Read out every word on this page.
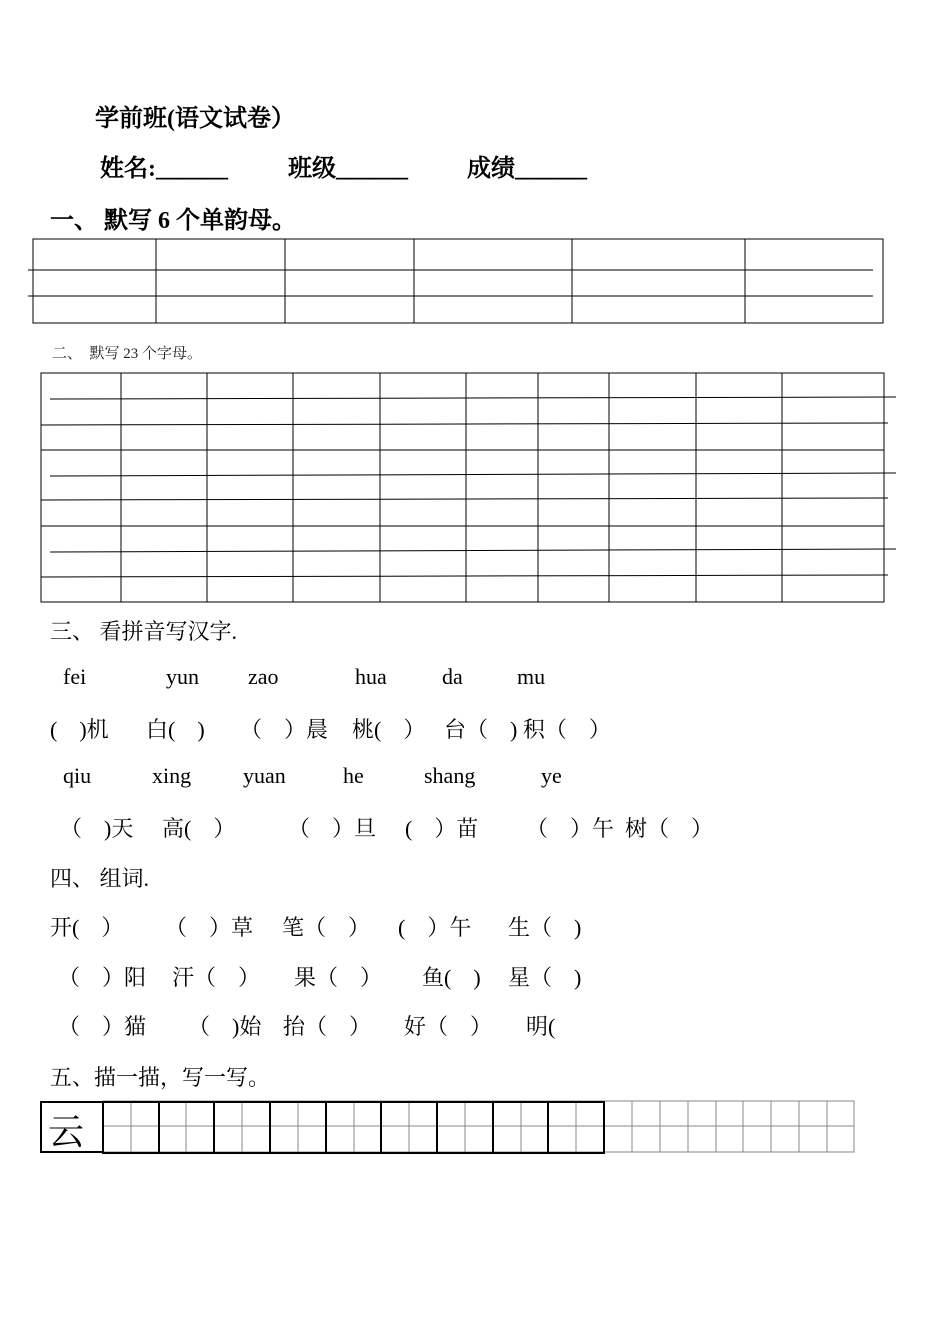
学前班(语文试卷）
姓名:______	班级______ 成绩______
一、 默写 6 个单韵母。
二、  默写 23 个字母。
三、 看拼音写汉字.
fei	yun zao	hua	da mu
(    )机 白(    ) （    ）晨 桃(    ） 台（    ) 积（    ）
qiu	xing yuan	he	shang	ye
（    )天 高(    ） （    ）旦 (    ）苗 （    ）午  树（    ）
四、 组词.
开(    ） （    ）草 笔（    ） (    ）午 生（    )
（    ）阳 汗（    ） 果（    ） 鱼(    ) 星（    )
（    ）猫 （    )始 抬（    ） 好（    ） 明(
五、描一描，写一写。
云
